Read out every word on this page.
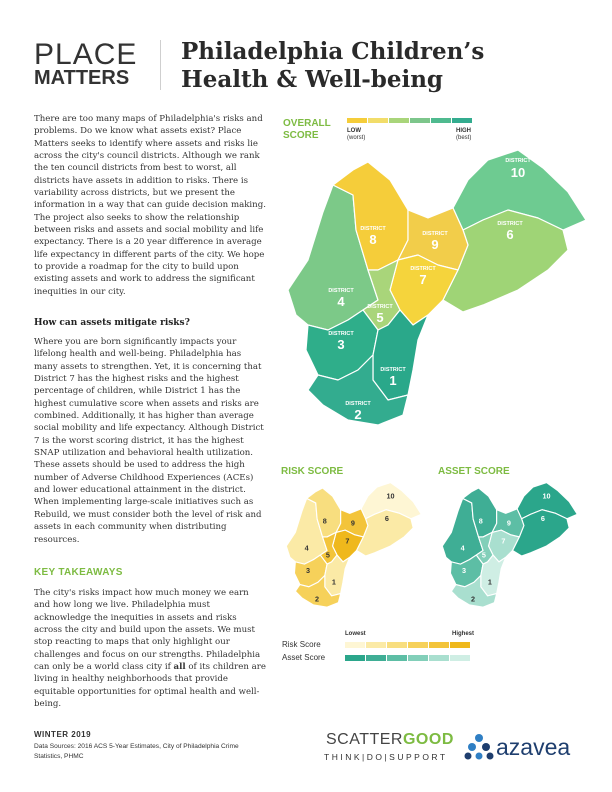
PLACE
MATTERS
Philadelphia Children’s
Health & Well-being
There are too many maps of Philadelphia's risks and problems. Do we know what assets exist? Place Matters seeks to identify where assets and risks lie across the city's council districts. Although we rank the ten council districts from best to worst, all districts have assets in addition to risks. There is variability across districts, but we present the information in a way that can guide decision making. The project also seeks to show the relationship between risks and assets and social mobility and life expectancy. There is a 20 year difference in average life expectancy in different parts of the city. We hope to provide a roadmap for the city to build upon existing assets and work to address the significant inequities in our city.
How can assets mitigate risks?
Where you are born significantly impacts your lifelong health and well-being. Philadelphia has many assets to strengthen. Yet, it is concerning that District 7 has the highest risks and the highest percentage of children, while District 1 has the highest cumulative score when assets and risks are combined. Additionally, it has higher than average social mobility and life expectancy. Although District 7 is the worst scoring district, it has the highest SNAP utilization and behavioral health utilization. These assets should be used to address the high number of Adverse Childhood Experiences (ACEs) and lower educational attainment in the district. When implementing large-scale initiatives such as Rebuild, we must consider both the level of risk and assets in each community when distributing resources.
KEY TAKEAWAYS
The city's risks impact how much money we earn and how long we live. Philadelphia must acknowledge the inequities in assets and risks across the city and build upon the assets. We must stop reacting to maps that only highlight our challenges and focus on our strengths. Philadelphia can only be a world class city if all of its children are living in healthy neighborhoods that provide equitable opportunities for optimal health and well-being.
WINTER 2019
Data Sources: 2016 ACS 5-Year Estimates, City of Philadelphia Crime Statistics, PHMC
SCATTERGOOD
THINK|DO|SUPPORT azavea
OVERALL
SCORE	LOW
(worst)
HIGH
(best)
DISTRICT
10
DISTRICT
8	DISTRICT
9
DISTRICT
6
DISTRICT
7
DISTRICT
4	DISTRICT
5
DISTRICT
3
DISTRICT
1
DISTRICT
2
RISK SCORE	ASSET SCORE
10
8 9
6
7
4
5
3
1
2
10
8 9
6
7
4
5
3
1
2
Lowest	Highest
Risk Score
Asset Score
